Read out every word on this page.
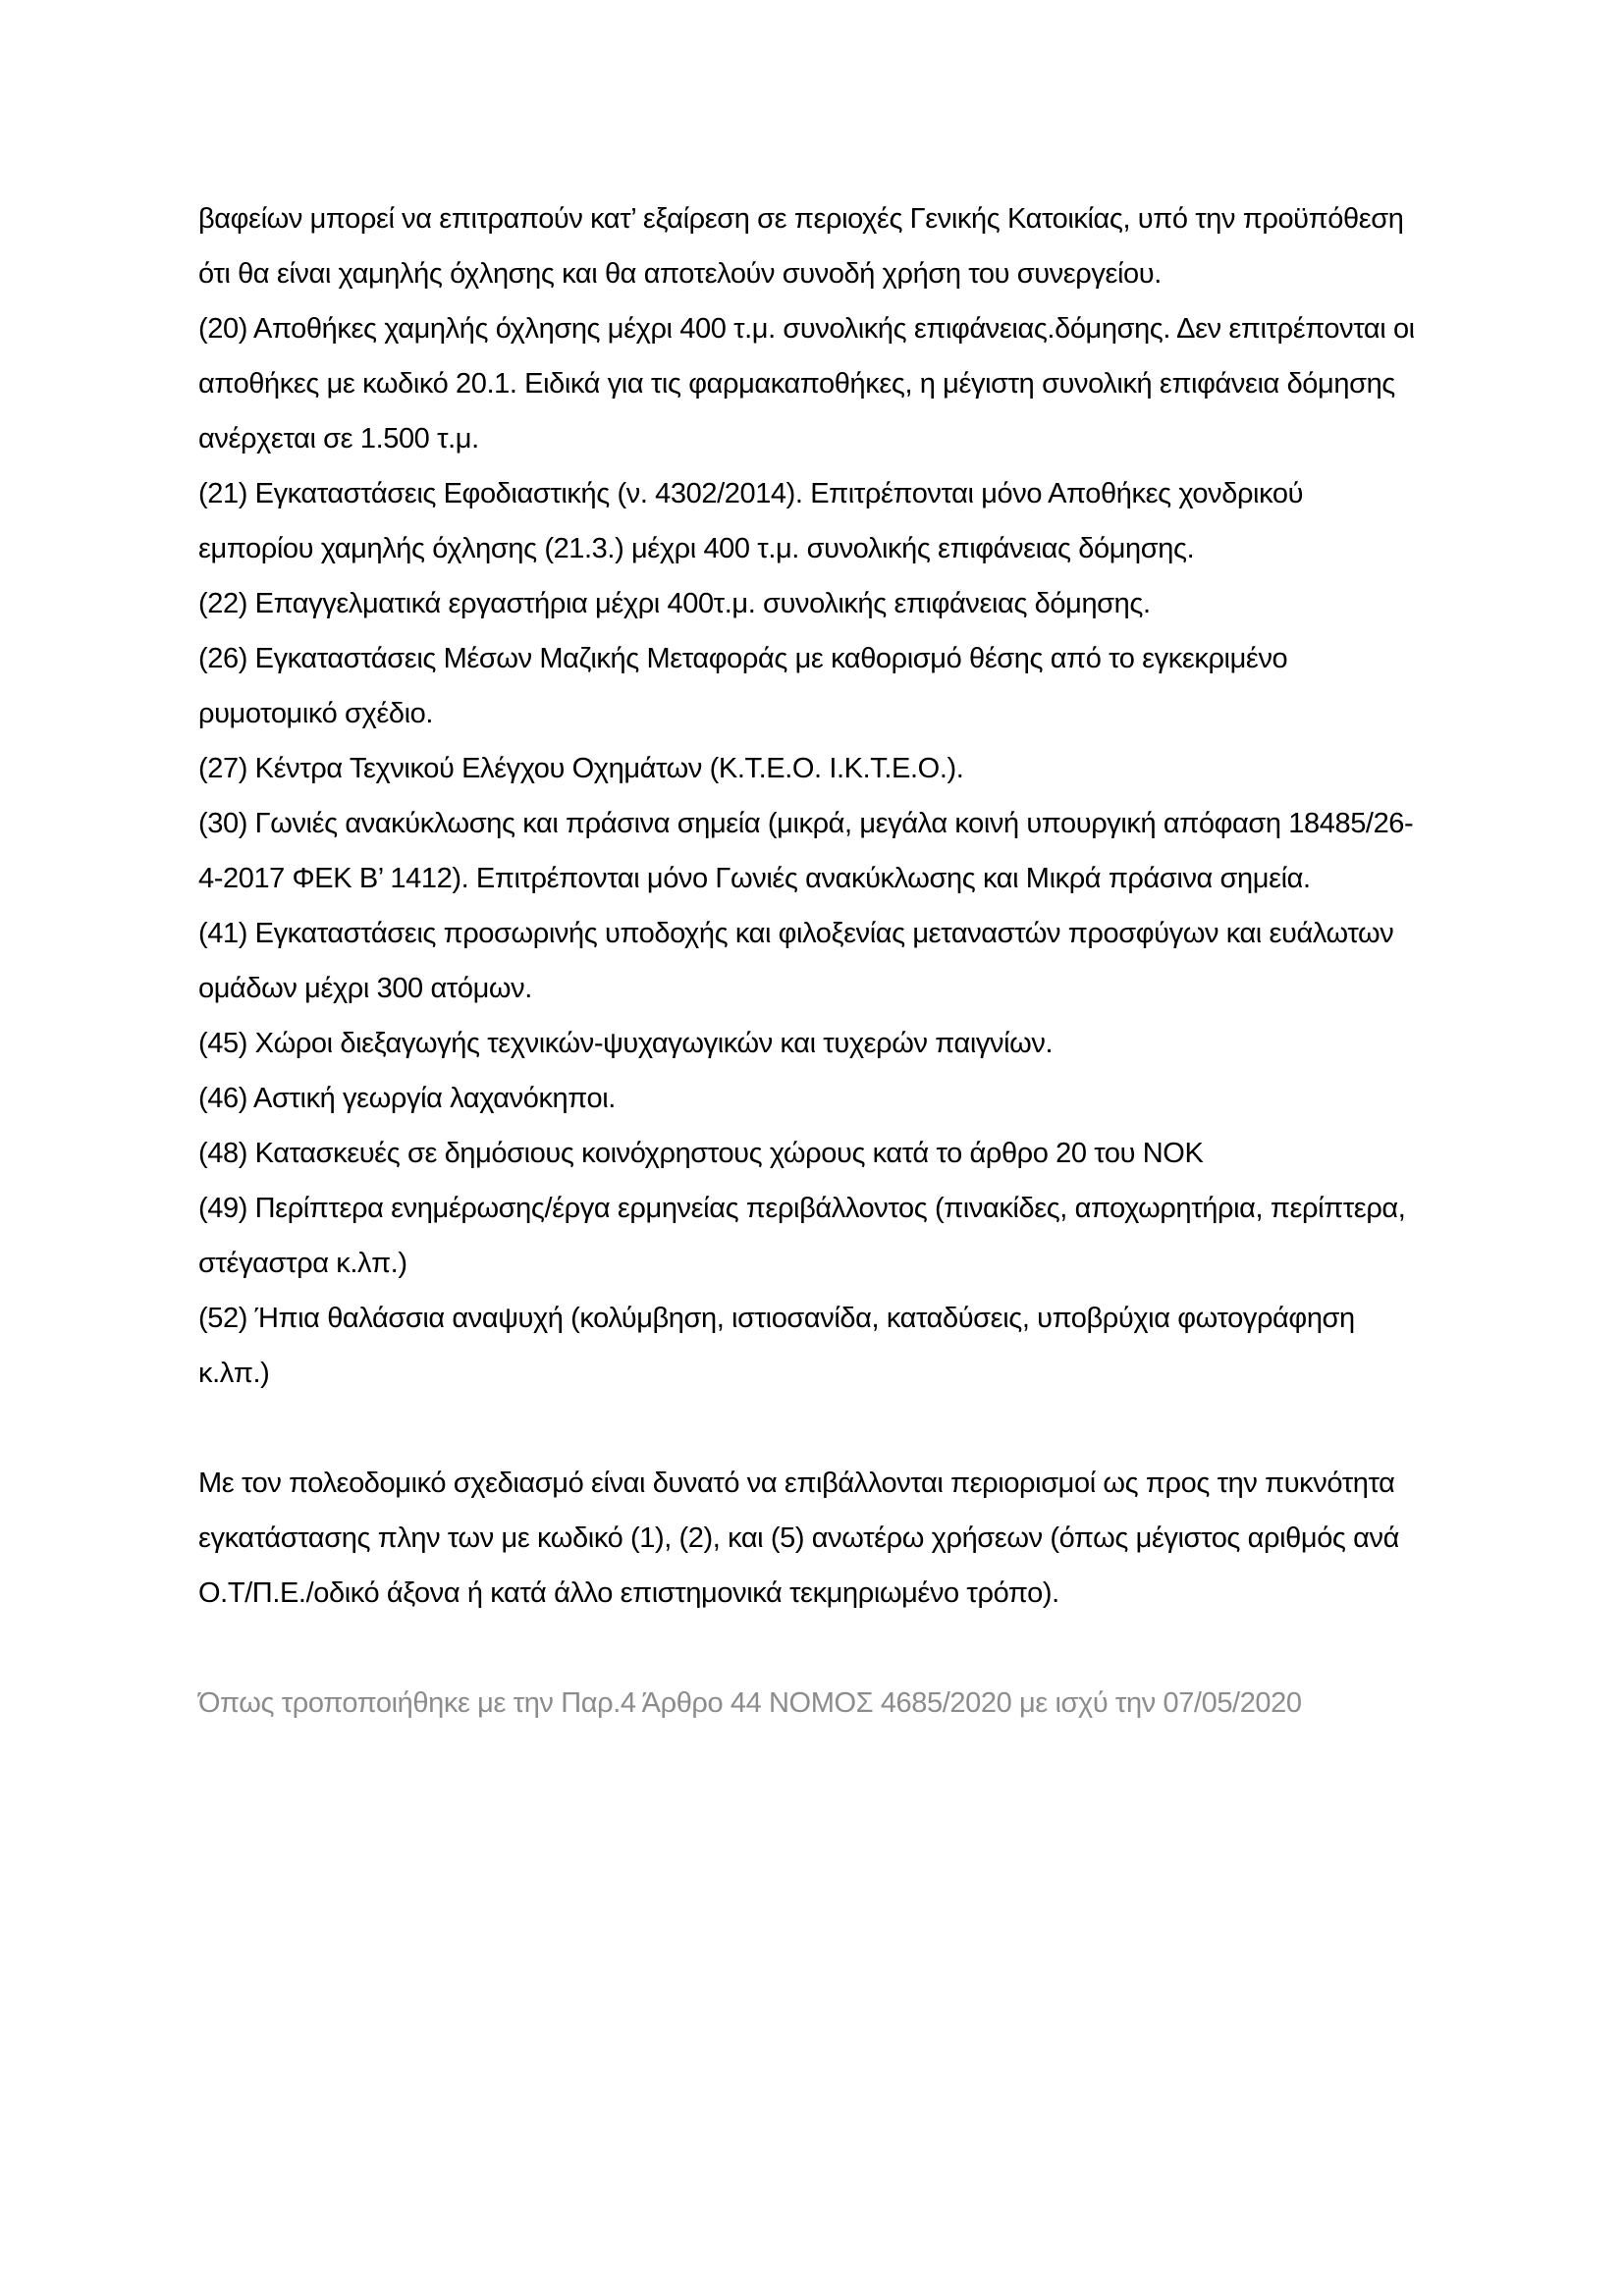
βαφείων μπορεί να επιτραπούν κατ’ εξαίρεση σε περιοχές Γενικής Κατοικίας, υπό την προϋπόθεση
ότι θα είναι χαμηλής όχλησης και θα αποτελούν συνοδή χρήση του συνεργείου.
(20) Αποθήκες χαμηλής όχλησης μέχρι 400 τ.μ. συνολικής επιφάνειας.δόμησης. Δεν επιτρέπονται οι
αποθήκες με κωδικό 20.1. Ειδικά για τις φαρμακαποθήκες, η μέγιστη συνολική επιφάνεια δόμησης
ανέρχεται σε 1.500 τ.μ.
(21) Εγκαταστάσεις Εφοδιαστικής (ν. 4302/2014). Επιτρέπονται μόνο Αποθήκες χονδρικού
εμπορίου χαμηλής όχλησης (21.3.) μέχρι 400 τ.μ. συνολικής επιφάνειας δόμησης.
(22) Επαγγελματικά εργαστήρια μέχρι 400τ.μ. συνολικής επιφάνειας δόμησης.
(26) Εγκαταστάσεις Μέσων Μαζικής Μεταφοράς με καθορισμό θέσης από το εγκεκριμένο
ρυμοτομικό σχέδιο.
(27) Κέντρα Τεχνικού Ελέγχου Οχημάτων (Κ.Τ.Ε.Ο. Ι.Κ.Τ.Ε.Ο.).
(30) Γωνιές ανακύκλωσης και πράσινα σημεία (μικρά, μεγάλα κοινή υπουργική απόφαση 18485/26-
4-2017 ΦΕΚ Β’ 1412). Επιτρέπονται μόνο Γωνιές ανακύκλωσης και Μικρά πράσινα σημεία.
(41) Εγκαταστάσεις προσωρινής υποδοχής και φιλοξενίας μεταναστών προσφύγων και ευάλωτων
ομάδων μέχρι 300 ατόμων.
(45) Χώροι διεξαγωγής τεχνικών-ψυχαγωγικών και τυχερών παιγνίων.
(46) Αστική γεωργία λαχανόκηποι.
(48) Κατασκευές σε δημόσιους κοινόχρηστους χώρους κατά το άρθρο 20 του ΝΟΚ
(49) Περίπτερα ενημέρωσης/έργα ερμηνείας περιβάλλοντος (πινακίδες, αποχωρητήρια, περίπτερα,
στέγαστρα κ.λπ.)
(52) Ήπια θαλάσσια αναψυχή (κολύμβηση, ιστιοσανίδα, καταδύσεις, υποβρύχια φωτογράφηση
κ.λπ.)
Με τον πολεοδομικό σχεδιασμό είναι δυνατό να επιβάλλονται περιορισμοί ως προς την πυκνότητα
εγκατάστασης πλην των με κωδικό (1), (2), και (5) ανωτέρω χρήσεων (όπως μέγιστος αριθμός ανά
Ο.Τ/Π.Ε./οδικό άξονα ή κατά άλλο επιστημονικά τεκμηριωμένο τρόπο).
Όπως τροποποιήθηκε με την Παρ.4 Άρθρο 44 ΝΟΜΟΣ 4685/2020 με ισχύ την 07/05/2020
